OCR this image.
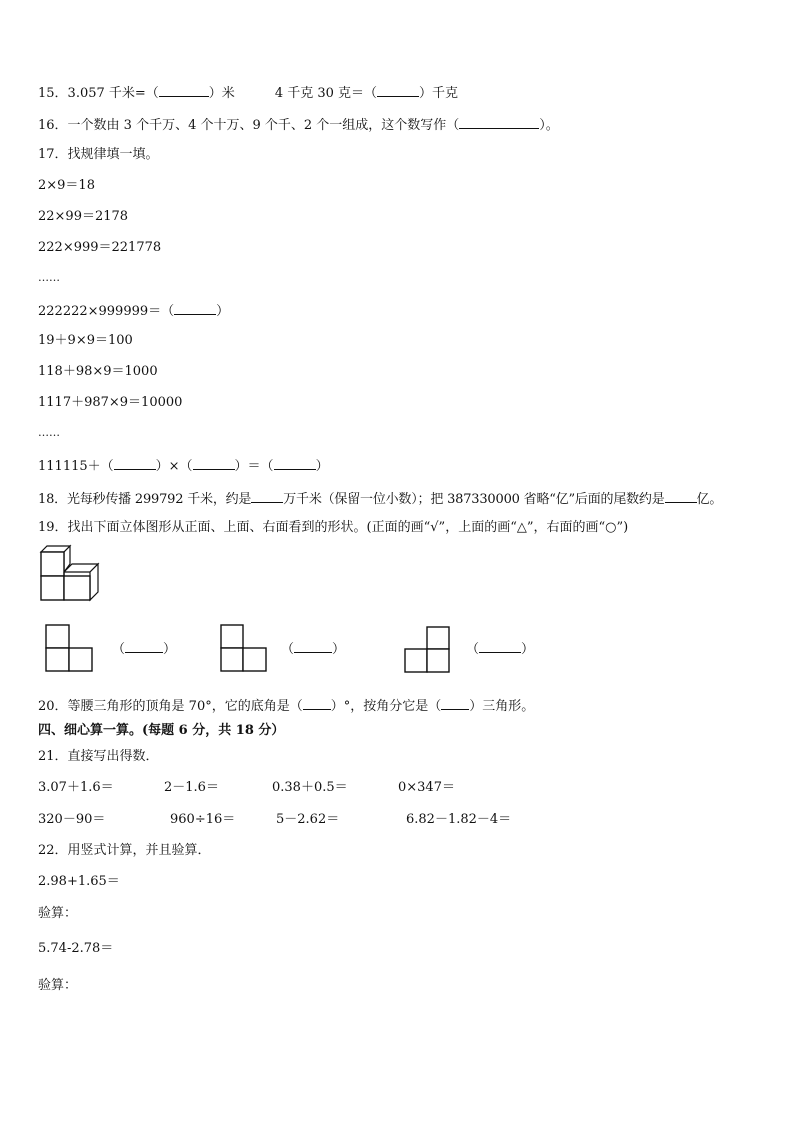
15．3.057 千米=（	）米	4 千克 30 克＝（	）千克
16．一个数由 3 个千万、4 个十万、9 个千、2 个一组成，这个数写作（	）。
17．找规律填一填。
2×9＝18
22×99＝2178
222×999＝221778
……
222222×999999＝（	）
19＋9×9＝100
118＋98×9＝1000
1117＋987×9＝10000
……
111115＋（	）×（	）＝（	）
18．光每秒传播 299792 千米，约是 万千米（保留一位小数）；把 387330000 省略“亿”后面的尾数约是 亿。
19．找出下面立体图形从正面、上面、右面看到的形状。(正面的画“√”，上面的画“△”，右面的画“○”)
（	）	（	）	（	）
20．等腰三角形的顶角是 70°，它的底角是（ ）°，按角分它是（ ）三角形。
四、细心算一算。(每题 6 分，共 18 分）
21．直接写出得数．
3.07＋1.6＝	2－1.6＝	0.38＋0.5＝	0×347＝
320－90＝	960÷16＝	5－2.62＝	6.82－1.82－4＝
22．用竖式计算，并且验算．
2.98+1.65＝
验算：
5.74-2.78＝
验算：
